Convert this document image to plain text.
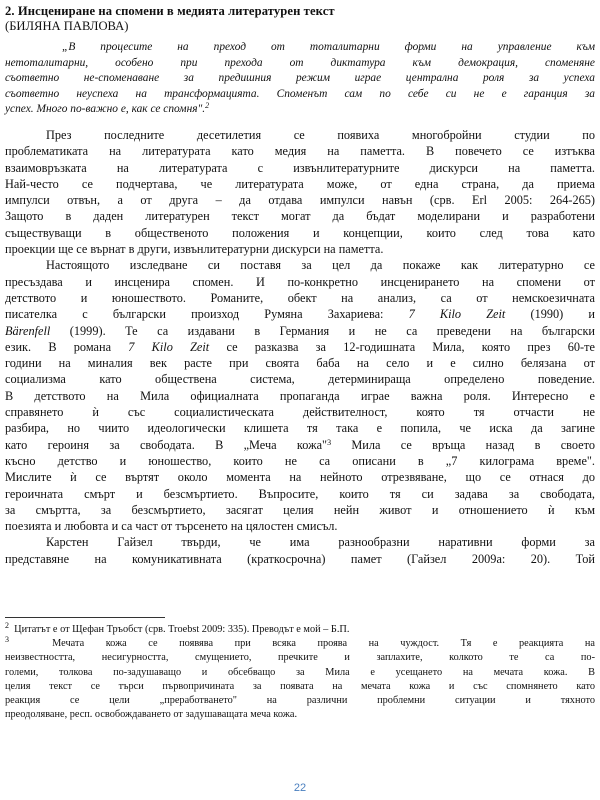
2. Инсцениране на спомени в медията литературен текст
(БИЛЯНА ПАВЛОВА)
„В процесите на преход от тоталитарни форми на управление към
нетоталитарни, особено при прехода от диктатура към демокрация, споменяне
съответно не-споменаване за предишния режим играе централна роля за успеха
съответно неуспеха на трансформацията. Споменът сам по себе си не е гаранция за
успех. Много по-важно е, как се спомня".$^2$
През последните десетилетия се появиха многобройни студии по
проблематиката на литературата като медия на паметта. В повечето се изтъква
взаимовръзката на литературата с извънлитературните дискурси на паметта.
Най-често се подчертава, че литературата може, от една страна, да приема
импулси отвън, а от друга – да отдава импулси навън (срв. Erl 2005: 264-265)
Защото в даден литературен текст могат да бъдат моделирани и разработени
съществуващи в общественото положения и концепции, които след това като
проекции ще се върнат в други, извънлитературни дискурси на паметта.
Настоящото изследване си поставя за цел да покаже как литературно се
пресъздава и инсценира спомен. И по-конкретно инсценирането на спомени от
детството и юношеството. Романите, обект на анализ, са от немскоезичната
писателка с български произход Румяна Захариева: 7 Kilo Zeit (1990) и
Bärenfell (1999). Те са издавани в Германия и не са преведени на български
език. В романа 7 Kilo Zeit се разказва за 12-годишната Мила, която през 60-те
години на миналия век расте при своята баба на село и е силно белязана от
социализма като обществена система, детерминираща определено поведение.
В детството на Мила официалната пропаганда играе важна роля. Интересно е
справянето ѝ със социалистическата действителност, която тя отчасти не
разбира, но чиито идеологически клишета тя така е попила, че иска да загине
като героиня за свободата. В „Меча кожа"$^3$ Мила се връща назад в своето
късно детство и юношество, които не са описани в „7 килограма време".
Мислите ѝ се въртят около момента на нейното отрезвяване, що се отнася до
героичната смърт и безсмъртието. Въпросите, които тя си задава за свободата,
за смъртта, за безсмъртието, засягат целия нейн живот и отношението ѝ към
поезията и любовта и са част от търсенето на цялостен смисъл.
Карстен Гайзел твърди, че има разнообразни наративни форми за
представяне на комуникативната (краткосрочна) памет (Гайзел 2009а: 20). Той
$^2$ Цитатът е от Щефан Тръобст (срв. Troebst 2009: 335). Преводът е мой – Б.П.
$^3$	Мечата кожа се появява при всяка проява на чуждост. Тя е реакцията на
неизвестността, несигурността, смущението, пречките и заплахите, колкото те са по-
големи, толкова по-задушаващо и обсебващо за Мила е усещането на мечата кожа. В
целия текст се търси първопричината за появата на мечата кожа и със спомнянето като
реакция се цели „преработването" на различни проблемни ситуации и тяхното
преодоляване, респ. освобождаването от задушаващата меча кожа.
22
